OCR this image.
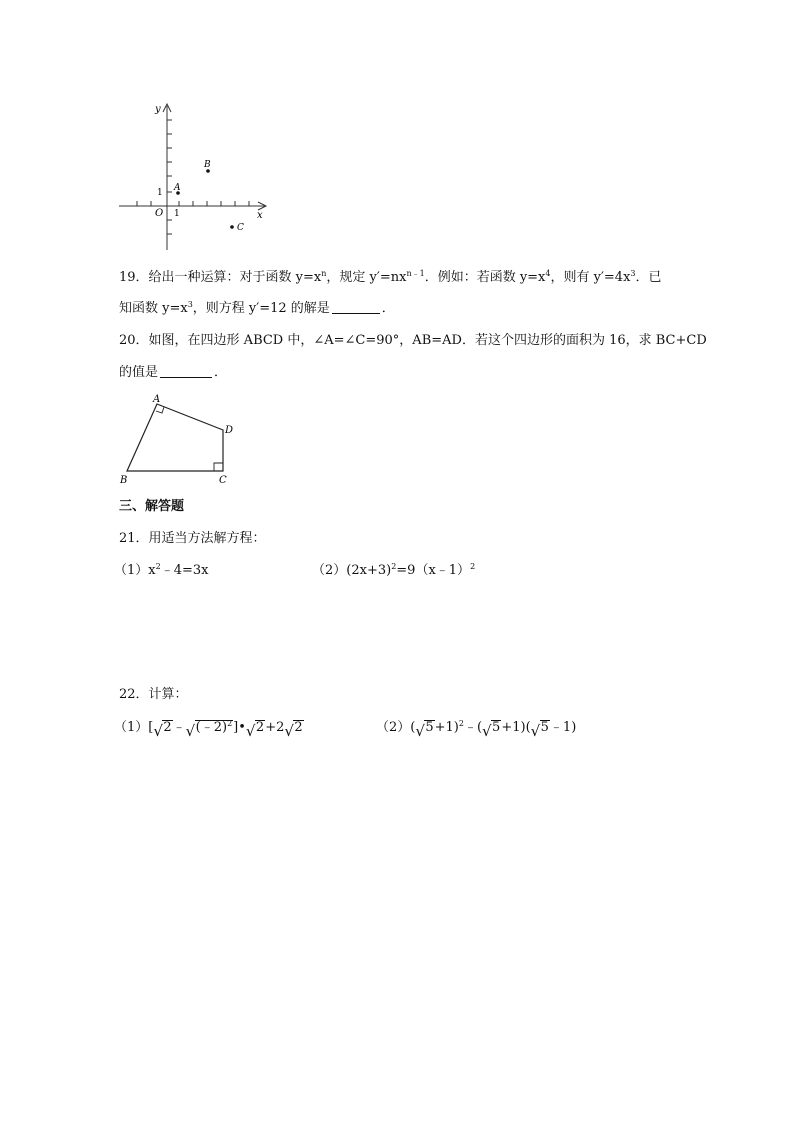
y
x
O 1
1 A
B
C
19．给出一种运算：对于函数 $y=x^n$，规定 $y'=nx^{n﹣1}$．例如：若函数 $y=x^4$，则有 $y'=4x^3$．已
知函数 $y=x^3$，则方程 y′=12 的解是	．
20．如图，在四边形 ABCD 中，∠A=∠C=90°，AB=AD．若这个四边形的面积为 16，求 BC+CD
的值是	．
A
B	C
D
三、解答题
21．用适当方法解方程：
$(1)x^2﹣4=3x$	$(2)(2x+3)^2=9(x﹣1)^2$
22．计算：
（1）[ √ 2﹣ √ (﹣2)$^2$]• √ 2+2 √ 2	（2）( √ 5+1)$^2$﹣( √ 5+1)( √ 5﹣1)
